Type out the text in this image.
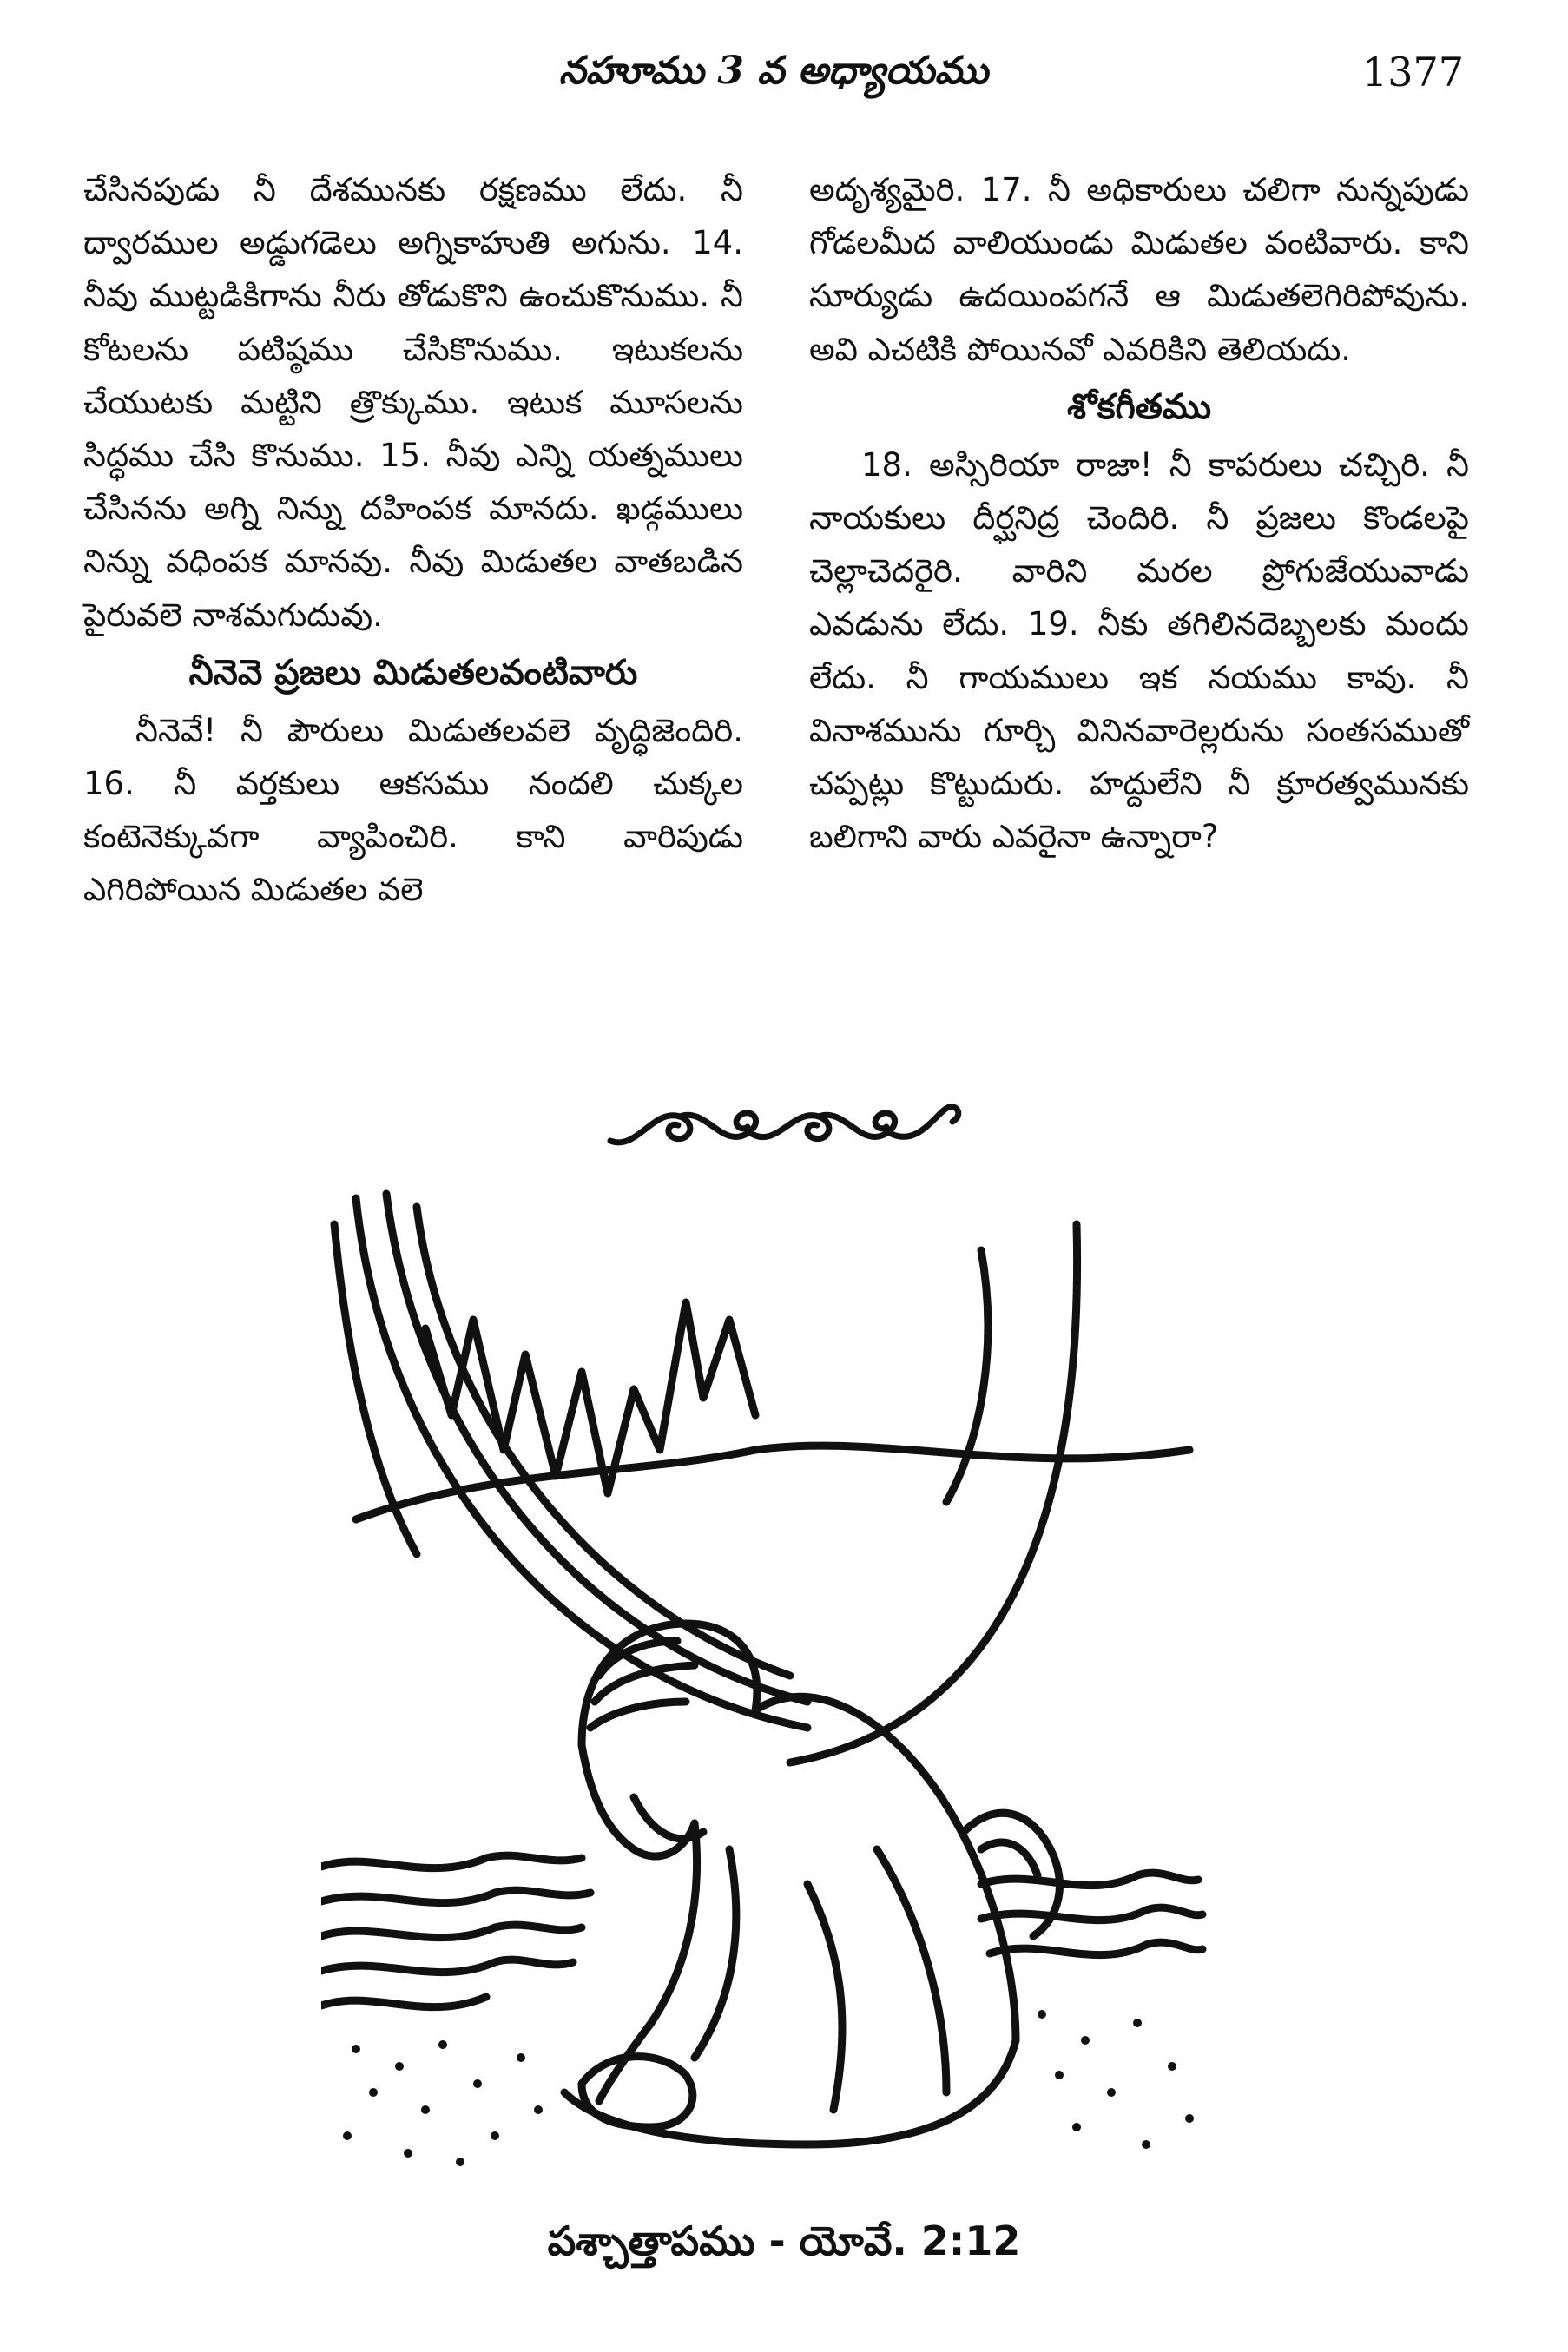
నహూము 3 వ అధ్యాయము	1377

చేసినపుడు నీ దేశమునకు రక్షణము లేదు. నీ ద్వారముల అడ్డుగడెలు అగ్నికాహుతి అగును. 14. నీవు ముట్టడికిగాను నీరు తోడుకొని ఉంచుకొనుము. నీ కోటలను పటిష్ఠము చేసికొనుము. ఇటుకలను చేయుటకు మట్టిని త్రొక్కుము. ఇటుక మూసలను సిద్ధము చేసి కొనుము. 15. నీవు ఎన్ని యత్నములు చేసినను అగ్ని నిన్ను దహింపక మానదు. ఖడ్గములు నిన్ను వధింపక మానవు. నీవు మిడుతల వాతబడిన పైరువలె నాశమగుదువు.

నీనెవె ప్రజలు మిడుతలవంటివారు

నీనెవే! నీ పౌరులు మిడుతలవలె వృద్ధిజెందిరి. 16. నీ వర్తకులు ఆకసము నందలి చుక్కల కంటెనెక్కువగా వ్యాపించిరి. కాని వారిపుడు ఎగిరిపోయిన మిడుతల వలె

అదృశ్యమైరి. 17. నీ అధికారులు చలిగా నున్నపుడు గోడలమీద వాలియుండు మిడుతల వంటివారు. కాని సూర్యుడు ఉదయింపగనే ఆ మిడుతలెగిరిపోవును. అవి ఎచటికి పోయినవో ఎవరికిని తెలియదు.

శోకగీతము

18. అస్సిరియా రాజా! నీ కాపరులు చచ్చిరి. నీ నాయకులు దీర్ఘనిద్ర చెందిరి. నీ ప్రజలు కొండలపై చెల్లాచెదరైరి. వారిని మరల ప్రోగుజేయువాడు ఎవడును లేదు. 19. నీకు తగిలినదెబ్బలకు మందు లేదు. నీ గాయములు ఇక నయము కావు. నీ వినాశమును గూర్చి వినినవారెల్లరును సంతసముతో చప్పట్లు కొట్టుదురు. హద్దులేని నీ క్రూరత్వమునకు బలిగాని వారు ఎవరైనా ఉన్నారా?

పశ్చాత్తాపము - యోవే. 2:12
